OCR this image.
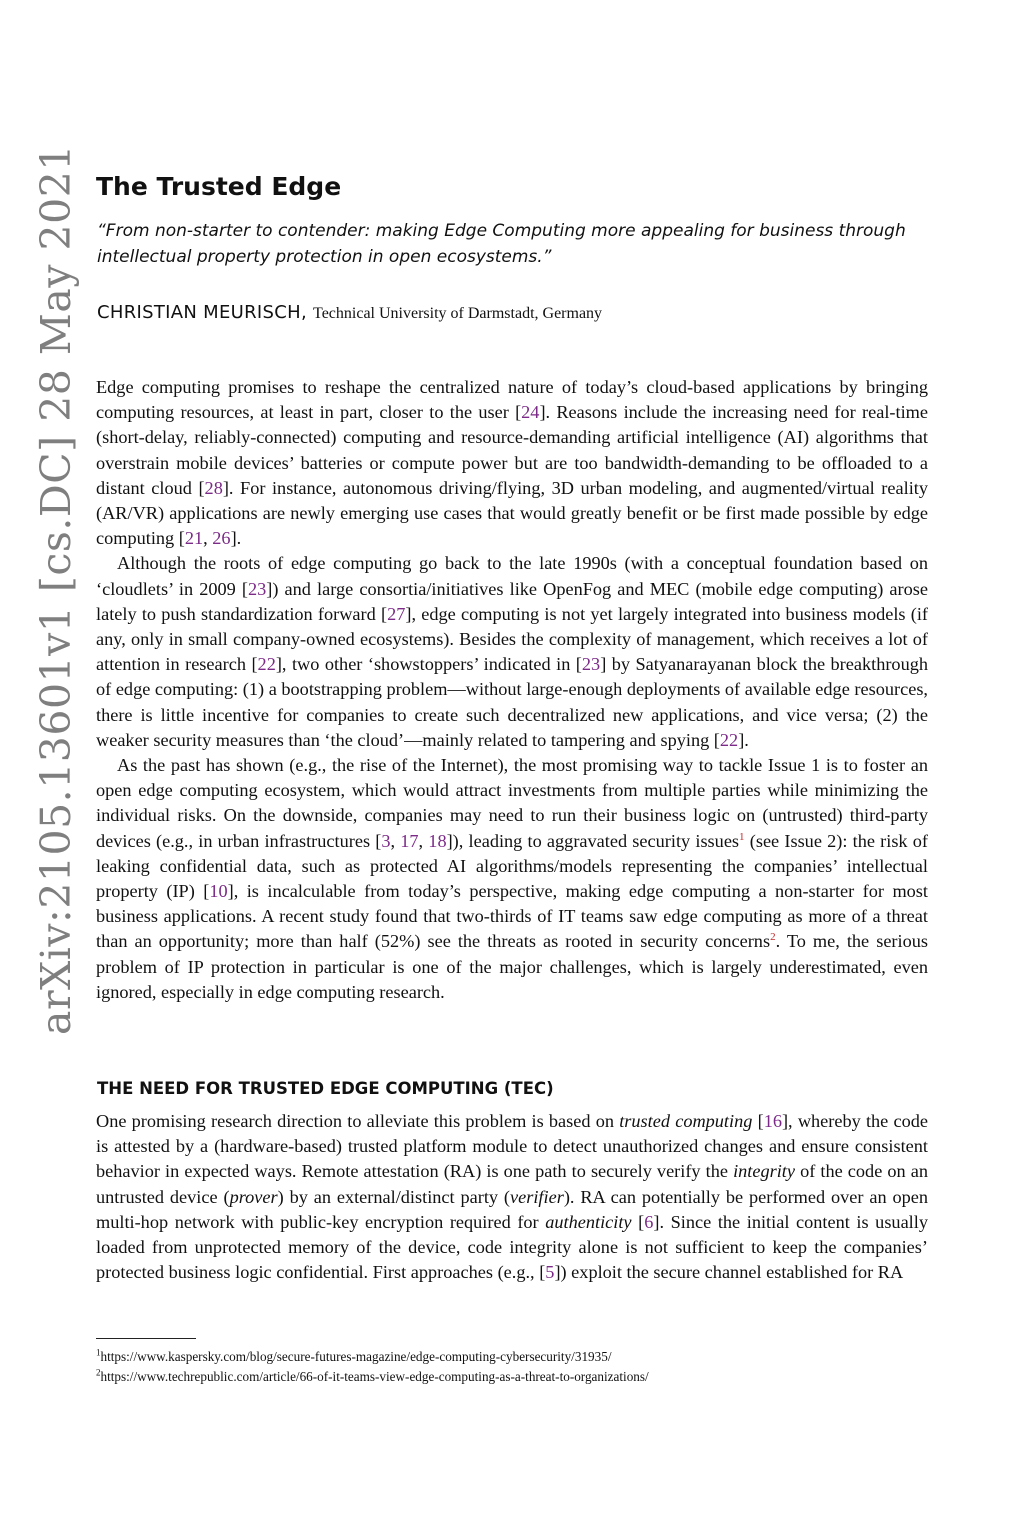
arXiv:2105.13601v1 [cs.DC] 28 May 2021 The Trusted Edge
“From non-starter to contender: making Edge Computing more appealing for business through intellectual property protection in open ecosystems.”
CHRISTIAN MEURISCH, Technical University of Darmstadt, Germany

Edge computing promises to reshape the centralized nature of today’s cloud-based applications by bringing computing resources, at least in part, closer to the user [24]. Reasons include the increasing need for real-time (short-delay, reliably-connected) computing and resource-demanding artificial intelligence (AI) algorithms that overstrain mobile devices’ batteries or compute power but are too bandwidth-demanding to be offloaded to a distant cloud [28]. For instance, autonomous driving/flying, 3D urban modeling, and augmented/virtual reality (AR/VR) applications are newly emerging use cases that would greatly benefit or be first made possible by edge computing [21, 26].

Although the roots of edge computing go back to the late 1990s (with a conceptual foundation based on ‘cloudlets’ in 2009 [23]) and large consortia/initiatives like OpenFog and MEC (mobile edge computing) arose lately to push standardization forward [27], edge computing is not yet largely integrated into business models (if any, only in small company-owned ecosystems). Besides the complexity of management, which receives a lot of attention in research [22], two other ‘showstoppers’ indicated in [23] by Satyanarayanan block the breakthrough of edge computing: (1) a bootstrapping problem—without large-enough deployments of available edge resources, there is little incentive for companies to create such decentralized new applications, and vice versa; (2) the weaker security measures than ‘the cloud’—mainly related to tampering and spying [22].

As the past has shown (e.g., the rise of the Internet), the most promising way to tackle Issue 1 is to foster an open edge computing ecosystem, which would attract investments from multiple parties while minimizing the individual risks. On the downside, companies may need to run their business logic on (untrusted) third-party devices (e.g., in urban infrastructures [3, 17, 18]), leading to aggravated security issues$^1$ (see Issue 2): the risk of leaking confidential data, such as protected AI algorithms/models representing the companies’ intellectual property (IP) [10], is incalculable from today’s perspective, making edge computing a non-starter for most business applications. A recent study found that two-thirds of IT teams saw edge computing as more of a threat than an opportunity; more than half (52%) see the threats as rooted in security concerns$^2$. To me, the serious problem of IP protection in particular is one of the major challenges, which is largely underestimated, even ignored, especially in edge computing research.

THE NEED FOR TRUSTED EDGE COMPUTING (TEC)

One promising research direction to alleviate this problem is based on trusted computing [16], whereby the code is attested by a (hardware-based) trusted platform module to detect unauthorized changes and ensure consistent behavior in expected ways. Remote attestation (RA) is one path to securely verify the integrity of the code on an untrusted device (prover) by an external/distinct party (verifier). RA can potentially be performed over an open multi-hop network with public-key encryption required for authenticity [6]. Since the initial content is usually loaded from unprotected memory of the device, code integrity alone is not sufficient to keep the companies’ protected business logic confidential. First approaches (e.g., [5]) exploit the secure channel established for RA

$^1$https://www.kaspersky.com/blog/secure-futures-magazine/edge-computing-cybersecurity/31935/
$^2$https://www.techrepublic.com/article/66-of-it-teams-view-edge-computing-as-a-threat-to-organizations/
